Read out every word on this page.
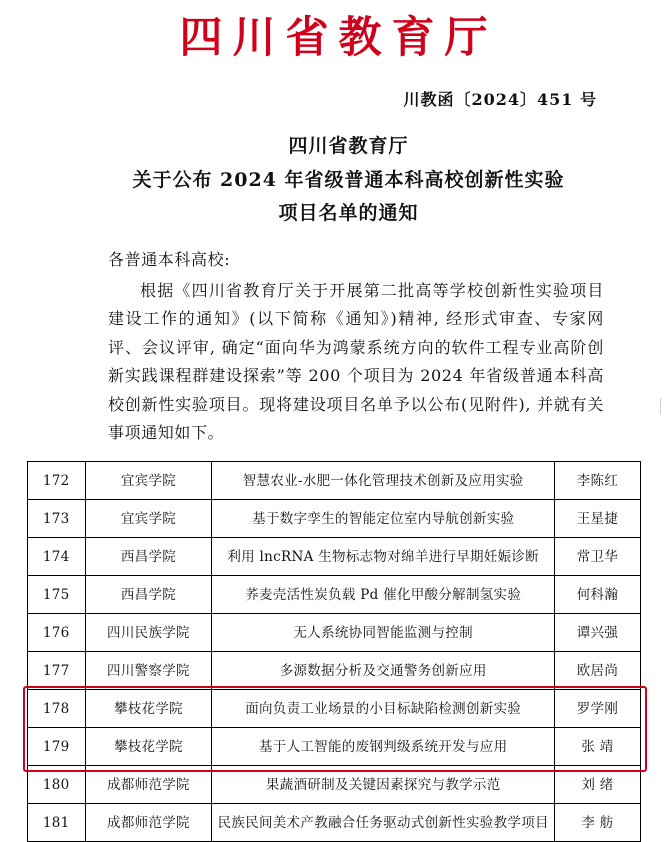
四川省教育厅
川教函〔2024〕451 号
四川省教育厅
关于公布 2024 年省级普通本科高校创新性实验
项目名单的通知
各普通本科高校:
根据《四川省教育厅关于开展第二批高等学校创新性实验项目建设工作的通知》(以下简称《通知》)精神, 经形式审查、专家网评、会议评审, 确定“面向华为鸿蒙系统方向的软件工程专业高阶创新实践课程群建设探索”等 200 个项目为 2024 年省级普通本科高校创新性实验项目。现将建设项目名单予以公布(见附件), 并就有关事项通知如下。
172	宜宾学院	智慧农业-水肥一体化管理技术创新及应用实验	李陈红
173	宜宾学院	基于数字孪生的智能定位室内导航创新实验	王星捷
174	西昌学院	利用 lncRNA 生物标志物对绵羊进行早期妊娠诊断	常卫华
175	西昌学院	荞麦壳活性炭负载 Pd 催化甲酸分解制氢实验	何科瀚
176	四川民族学院	无人系统协同智能监测与控制	谭兴强
177	四川警察学院	多源数据分析及交通警务创新应用	欧居尚
178	攀枝花学院	面向负责工业场景的小目标缺陷检测创新实验	罗学刚
179	攀枝花学院	基于人工智能的废钢判级系统开发与应用	张 靖
180	成都师范学院	果蔬酒研制及关键因素探究与教学示范	刘 绪
181	成都师范学院	民族民间美术产教融合任务驱动式创新性实验教学项目	李 舫
